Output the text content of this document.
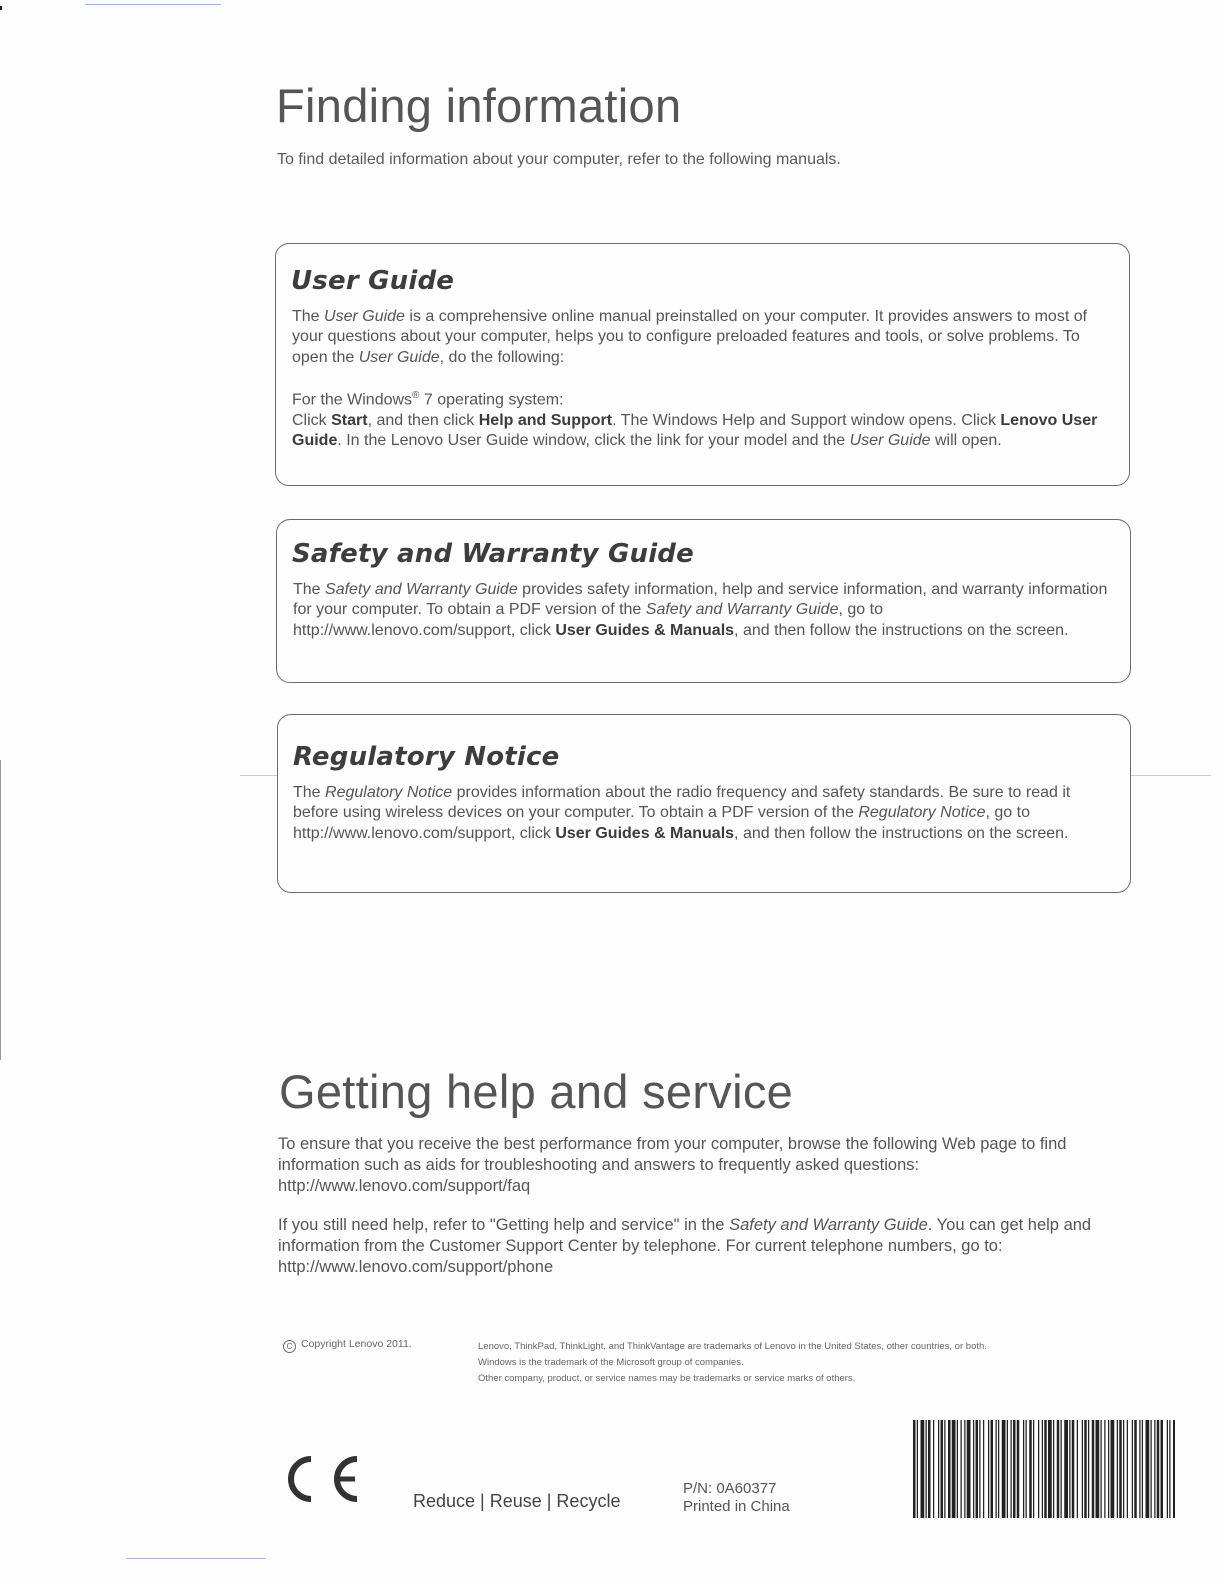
Finding information
To find detailed information about your computer, refer to the following manuals.
User Guide
The User Guide is a comprehensive online manual preinstalled on your computer. It provides answers to most of your questions about your computer, helps you to configure preloaded features and tools, or solve problems. To open the User Guide, do the following:
For the Windows® 7 operating system:
Click Start, and then click Help and Support. The Windows Help and Support window opens. Click Lenovo User Guide. In the Lenovo User Guide window, click the link for your model and the User Guide will open.
Safety and Warranty Guide
The Safety and Warranty Guide provides safety information, help and service information, and warranty information for your computer. To obtain a PDF version of the Safety and Warranty Guide, go to http://www.lenovo.com/support, click User Guides & Manuals, and then follow the instructions on the screen.
Regulatory Notice
The Regulatory Notice provides information about the radio frequency and safety standards. Be sure to read it before using wireless devices on your computer. To obtain a PDF version of the Regulatory Notice, go to http://www.lenovo.com/support, click User Guides & Manuals, and then follow the instructions on the screen.
Getting help and service
To ensure that you receive the best performance from your computer, browse the following Web page to find information such as aids for troubleshooting and answers to frequently asked questions:
http://www.lenovo.com/support/faq
If you still need help, refer to "Getting help and service" in the Safety and Warranty Guide. You can get help and information from the Customer Support Center by telephone. For current telephone numbers, go to:
http://www.lenovo.com/support/phone
C Copyright Lenovo 2011.	Lenovo, ThinkPad, ThinkLight, and ThinkVantage are trademarks of Lenovo in the United States, other countries, or both.
Windows is the trademark of the Microsoft group of companies.
Other company, product, or service names may be trademarks or service marks of others.
Reduce | Reuse | Recycle
P/N: 0A60377
Printed in China
